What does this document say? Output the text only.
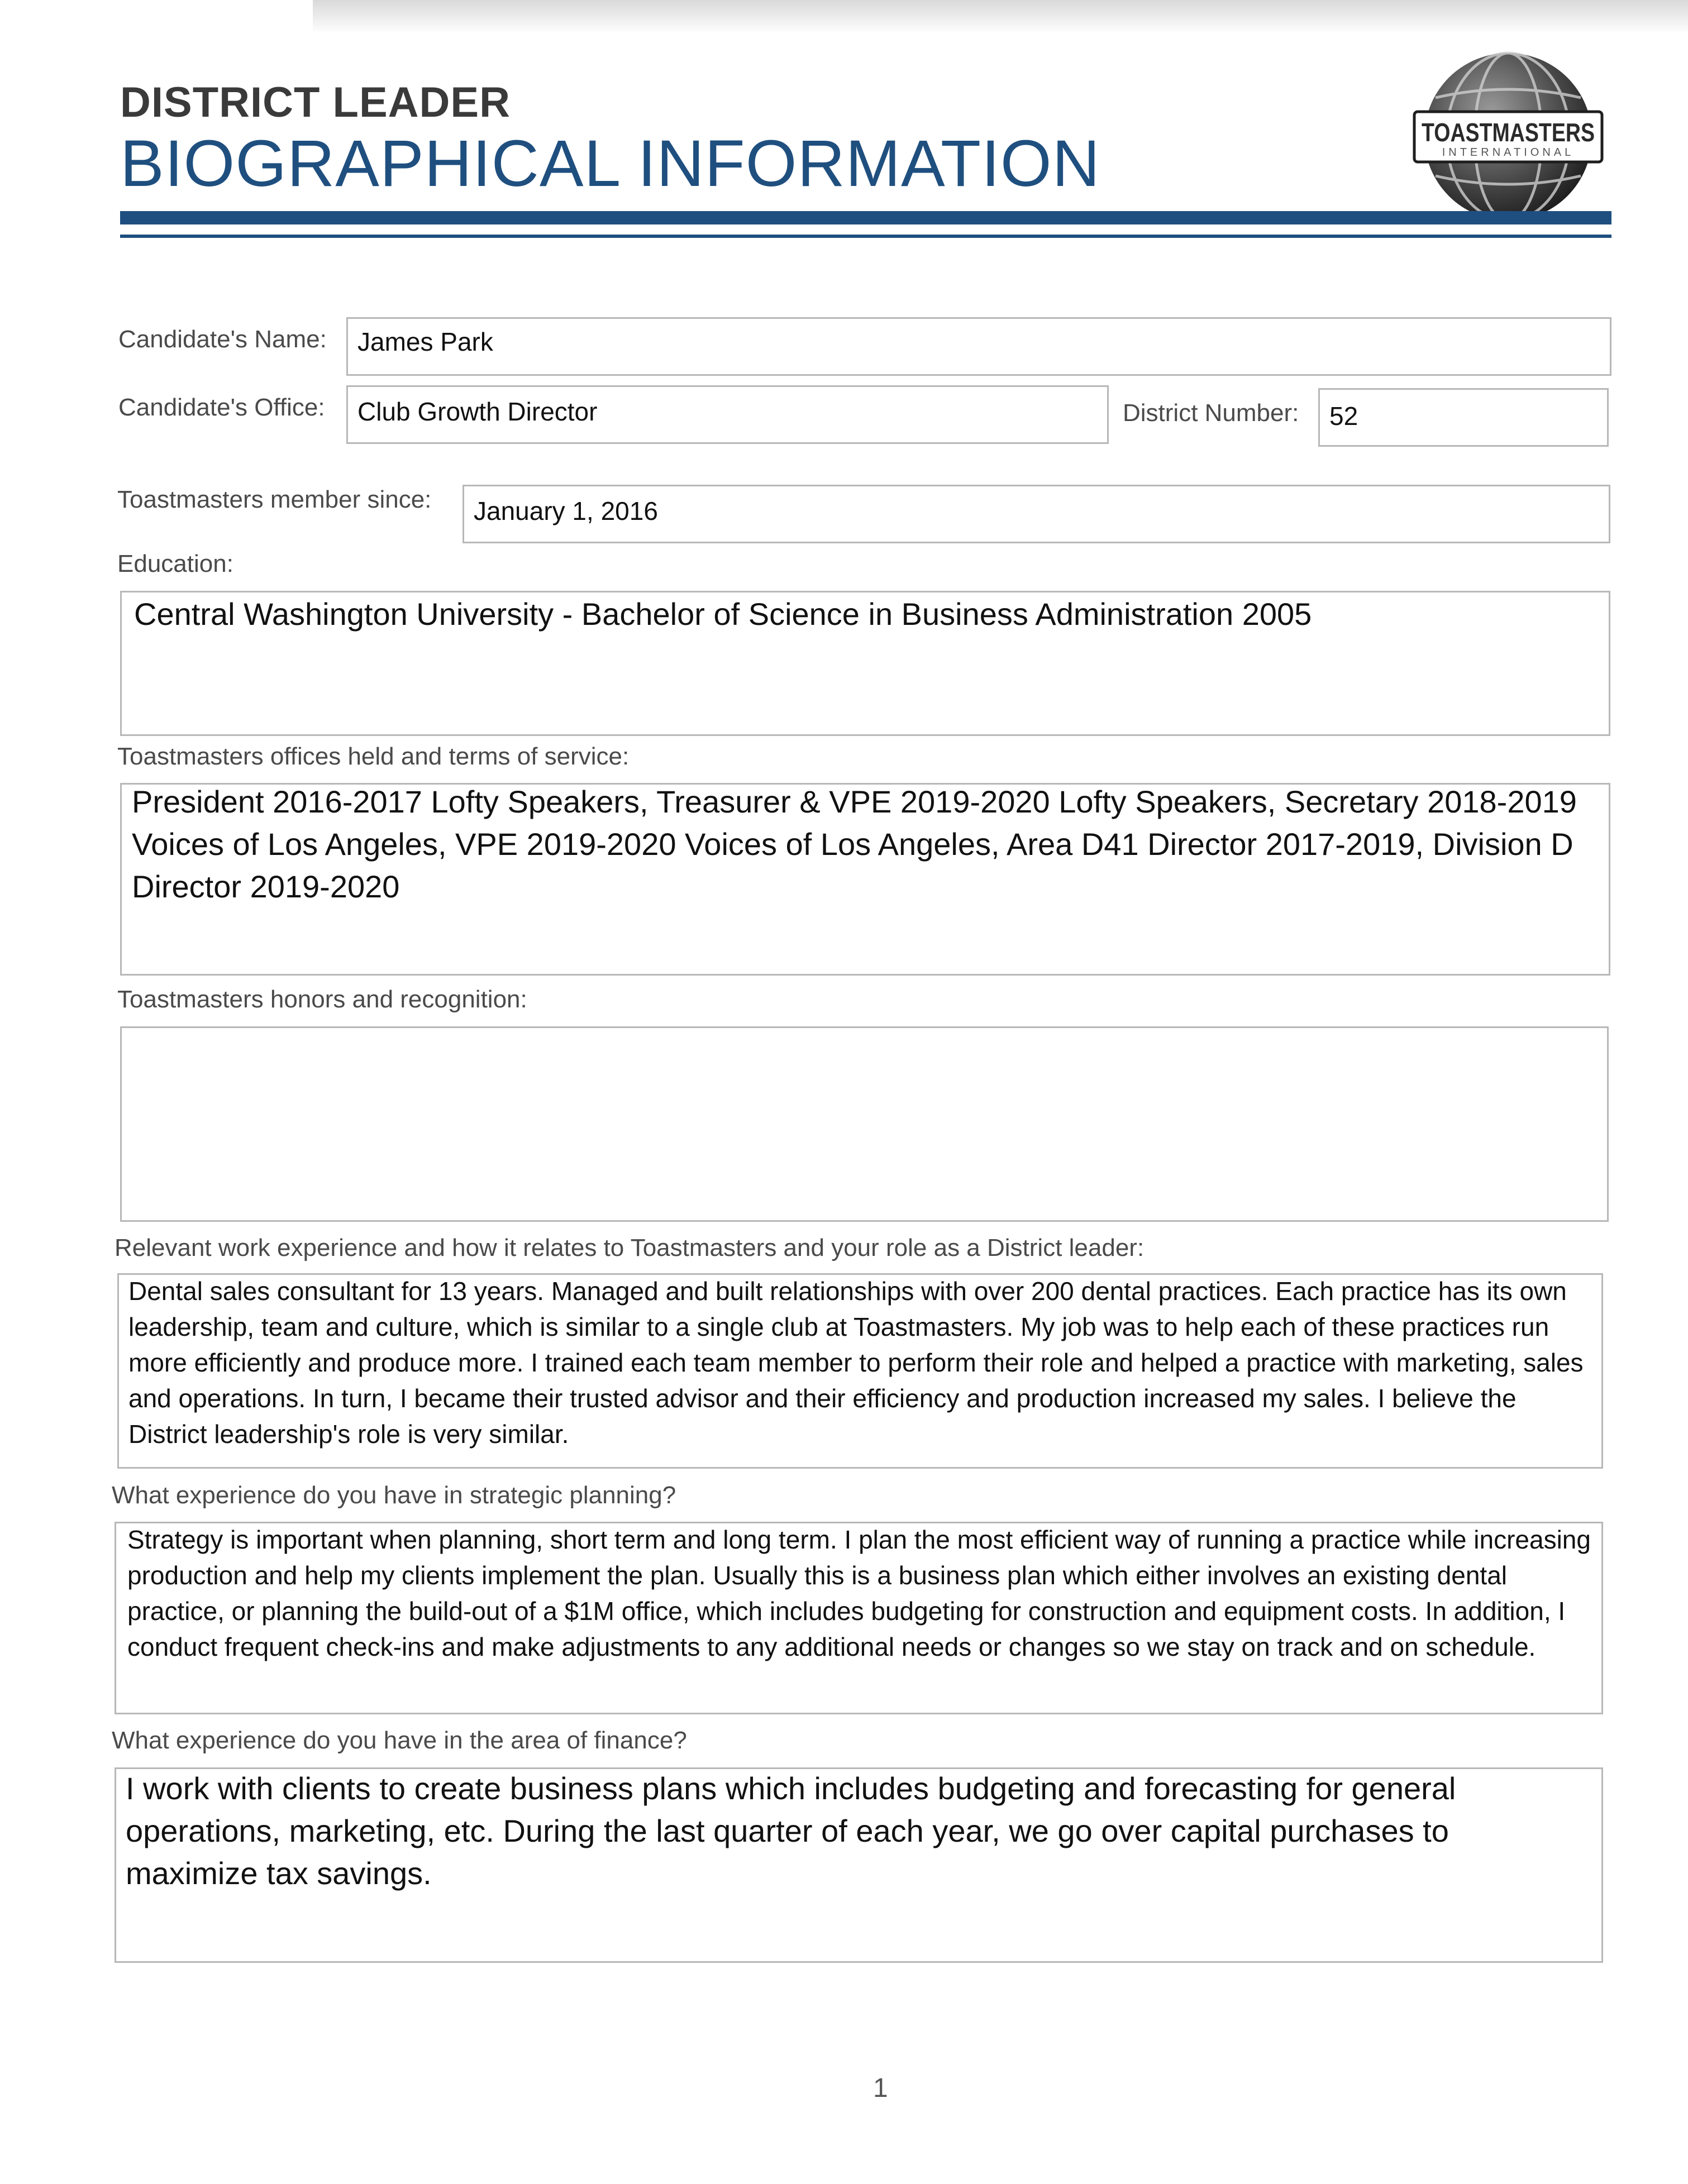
DISTRICT LEADER
BIOGRAPHICAL INFORMATION	TOASTMASTERS
INTERNATIONAL
Candidate's Name: James Park
Candidate's Office: Club Growth Director	District Number: 52
Toastmasters member since: January 1, 2016
Education:
Central Washington University - Bachelor of Science in Business Administration 2005
Toastmasters offices held and terms of service:
President 2016-2017 Lofty Speakers, Treasurer & VPE 2019-2020 Lofty Speakers, Secretary 2018-2019 Voices of Los Angeles, VPE 2019-2020 Voices of Los Angeles, Area D41 Director 2017-2019, Division D Director 2019-2020
Toastmasters honors and recognition:
Relevant work experience and how it relates to Toastmasters and your role as a District leader:
Dental sales consultant for 13 years. Managed and built relationships with over 200 dental practices. Each practice has its own leadership, team and culture, which is similar to a single club at Toastmasters. My job was to help each of these practices run more efficiently and produce more. I trained each team member to perform their role and helped a practice with marketing, sales and operations. In turn, I became their trusted advisor and their efficiency and production increased my sales. I believe the District leadership's role is very similar.
What experience do you have in strategic planning?
Strategy is important when planning, short term and long term. I plan the most efficient way of running a practice while increasing production and help my clients implement the plan. Usually this is a business plan which either involves an existing dental practice, or planning the build-out of a $1M office, which includes budgeting for construction and equipment costs. In addition, I conduct frequent check-ins and make adjustments to any additional needs or changes so we stay on track and on schedule.
What experience do you have in the area of finance?
I work with clients to create business plans which includes budgeting and forecasting for general operations, marketing, etc. During the last quarter of each year, we go over capital purchases to maximize tax savings.
1
